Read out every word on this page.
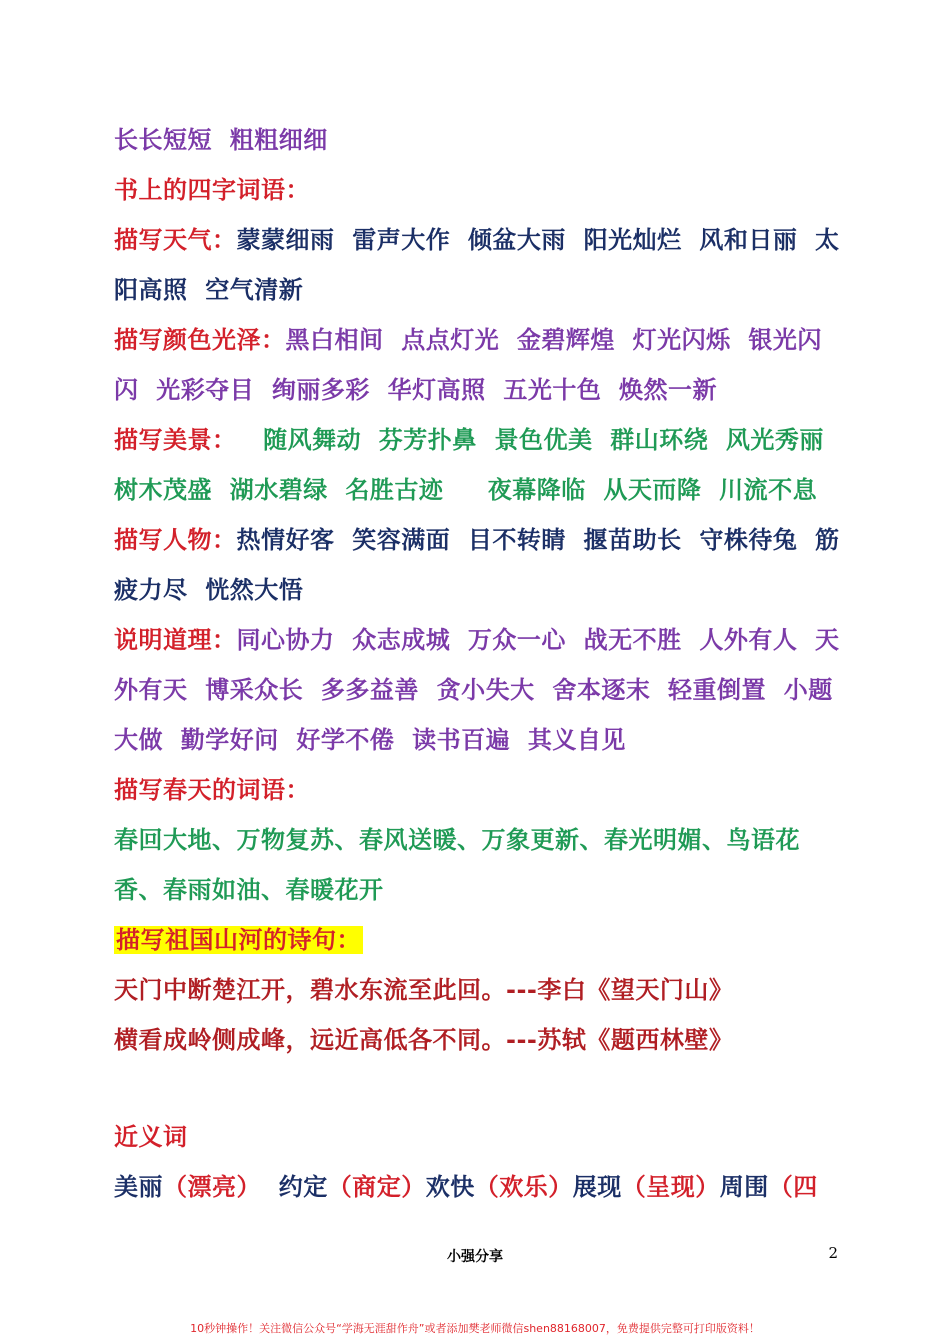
长长短短  粗粗细细
书上的四字词语：
描写天气：蒙蒙细雨  雷声大作  倾盆大雨  阳光灿烂  风和日丽  太
阳高照  空气清新
描写颜色光泽：黑白相间  点点灯光  金碧辉煌  灯光闪烁  银光闪
闪  光彩夺目  绚丽多彩  华灯高照  五光十色  焕然一新
描写美景：   随风舞动  芬芳扑鼻  景色优美  群山环绕  风光秀丽
树木茂盛  湖水碧绿  名胜古迹     夜幕降临  从天而降  川流不息
描写人物：热情好客  笑容满面  目不转睛  揠苗助长  守株待兔  筋
疲力尽  恍然大悟
说明道理：同心协力  众志成城  万众一心  战无不胜  人外有人  天
外有天  博采众长  多多益善  贪小失大  舍本逐末  轻重倒置  小题
大做  勤学好问  好学不倦  读书百遍  其义自见
描写春天的词语：
春回大地、万物复苏、春风送暖、万象更新、春光明媚、鸟语花
香、春雨如油、春暖花开
描写祖国山河的诗句：
天门中断楚江开，碧水东流至此回。---李白《望天门山》
横看成岭侧成峰，远近高低各不同。---苏轼《题西林壁》
近义词
美丽（漂亮）  约定（商定）欢快（欢乐）展现（呈现）周围（四
小强分享	2
10秒钟操作！关注微信公众号“学海无涯甜作舟”或者添加樊老师微信shen88168007，免费提供完整可打印版资料！
